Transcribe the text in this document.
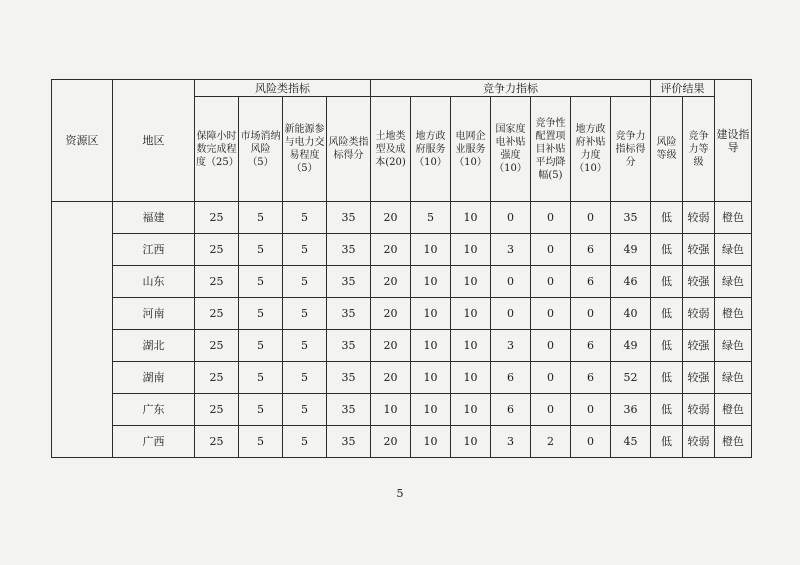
资源区	地区	风险类指标				竞争力指标							评价结果		建设指导
		保障小时数完成程度（25）	市场消纳风险（5）	新能源参与电力交易程度（5）	风险类指标得分	土地类型及成本(20)	地方政府服务（10）	电网企业服务（10）	国家度电补贴强度（10）	竞争性配置项目补贴平均降幅(5)	地方政府补贴力度（10）	竞争力指标得分	风险等级	竞争力等级	
	福建	25	5	5	35	20	5	10	0	0	0	35	低	较弱	橙色
	江西	25	5	5	35	20	10	10	3	0	6	49	低	较强	绿色
	山东	25	5	5	35	20	10	10	0	0	6	46	低	较强	绿色
	河南	25	5	5	35	20	10	10	0	0	0	40	低	较弱	橙色
	湖北	25	5	5	35	20	10	10	3	0	6	49	低	较强	绿色
	湖南	25	5	5	35	20	10	10	6	0	6	52	低	较强	绿色
	广东	25	5	5	35	10	10	10	6	0	0	36	低	较弱	橙色
	广西	25	5	5	35	20	10	10	3	2	0	45	低	较弱	橙色
5
